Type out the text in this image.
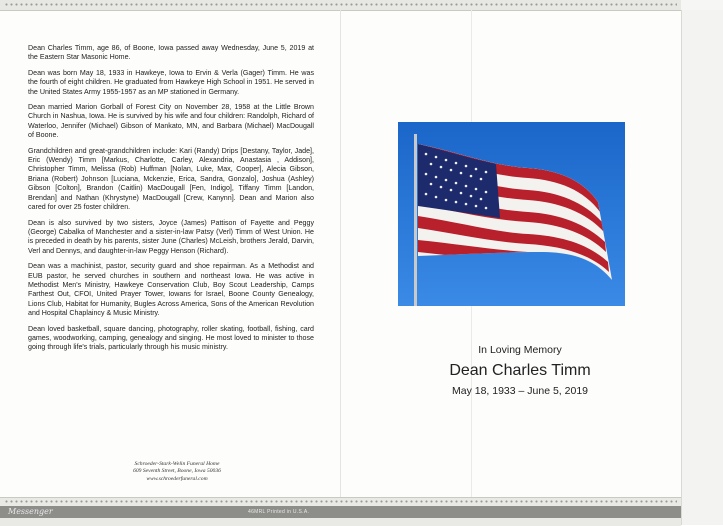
Dean Charles Timm, age 86, of Boone, Iowa passed away Wednesday, June 5, 2019 at the Eastern Star Masonic Home.

Dean was born May 18, 1933 in Hawkeye, Iowa to Ervin & Verla (Gager) Timm. He was the fourth of eight children. He graduated from Hawkeye High School in 1951. He served in the United States Army 1955-1957 as an MP stationed in Germany.

Dean married Marion Gorball of Forest City on November 28, 1958 at the Little Brown Church in Nashua, Iowa. He is survived by his wife and four children: Randolph, Richard of Waterloo, Jennifer (Michael) Gibson of Mankato, MN, and Barbara (Michael) MacDougall of Boone.

Grandchildren and great-grandchildren include: Kari (Randy) Drips [Destany, Taylor, Jade], Eric (Wendy) Timm [Markus, Charlotte, Carley, Alexandria, Anastasia , Addison], Christopher Timm, Melissa (Rob) Huffman [Nolan, Luke, Max, Cooper], Alecia Gibson, Briana (Robert) Johnson [Luciana, Mckenzie, Erica, Sandra, Gonzalo], Joshua (Ashley) Gibson [Colton], Brandon (Caitlin) MacDougall [Fen, Indigo], Tiffany Timm [Landon, Brendan] and Nathan (Khrystyne) MacDougall [Crew, Kanynn]. Dean and Marion also cared for over 25 foster children.

Dean is also survived by two sisters, Joyce (James) Pattison of Fayette and Peggy (George) Cabalka of Manchester and a sister-in-law Patsy (Verl) Timm of West Union. He is preceded in death by his parents, sister June (Charles) McLeish, brothers Jerald, Darvin, Verl and Dennys, and daughter-in-law Peggy Henson (Richard).

Dean was a machinist, pastor, security guard and shoe repairman. As a Methodist and EUB pastor, he served churches in southern and northeast Iowa. He was active in Methodist Men's Ministry, Hawkeye Conservation Club, Boy Scout Leadership, Camps Farthest Out, CFOI, United Prayer Tower, Iowans for Israel, Boone County Genealogy, Lions Club, Habitat for Humanity, Bugles Across America, Sons of the American Revolution and Hospital Chaplaincy & Music Ministry.

Dean loved basketball, square dancing, photography, roller skating, football, fishing, card games, woodworking, camping, genealogy and singing. He most loved to minister to those going through life's trials, particularly through his music ministry.

Schroeder-Stark-Welin Funeral Home
609 Seventh Street, Boone, Iowa 50036
www.schroederfuneral.com
In Loving Memory
Dean Charles Timm
May 18, 1933 – June 5, 2019
Messenger	46MRL Printed in U.S.A.
